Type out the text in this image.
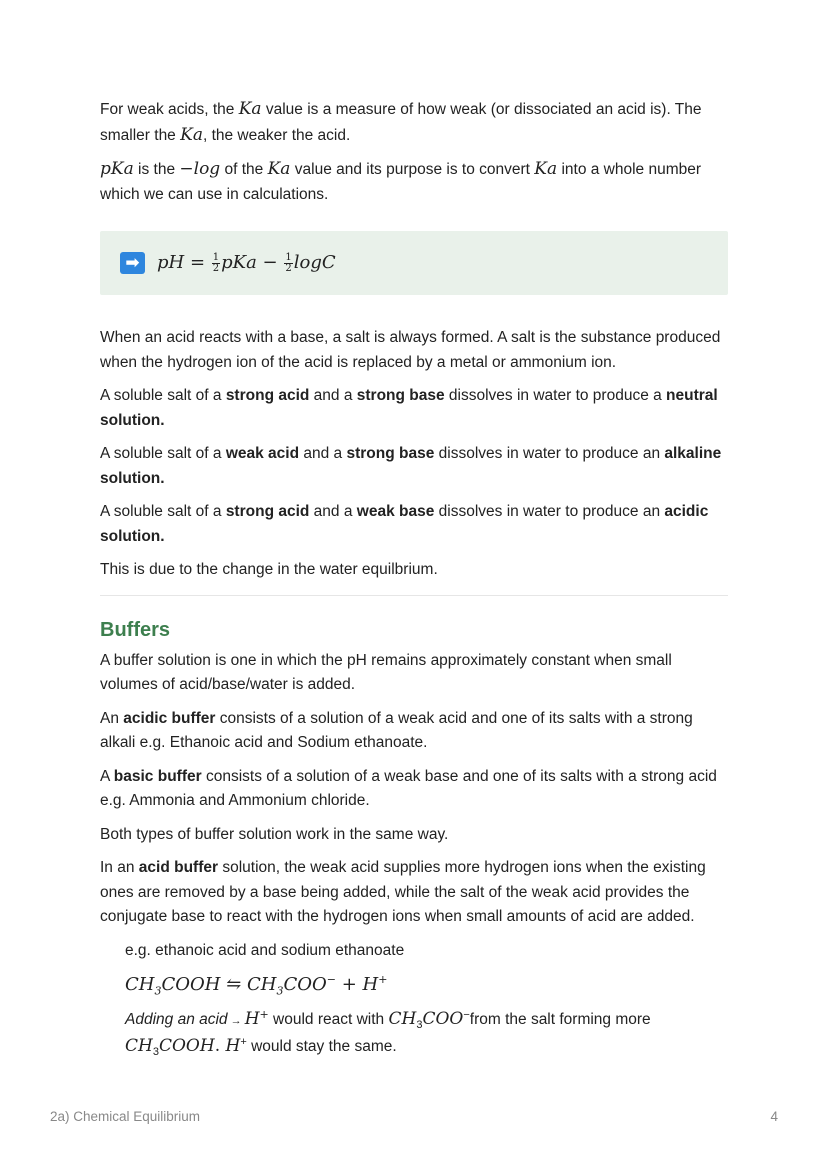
For weak acids, the Ka value is a measure of how weak (or dissociated an acid is). The smaller the Ka, the weaker the acid.

pKa is the −log of the Ka value and its purpose is to convert Ka into a whole number which we can use in calculations.

➡ pH = $\frac{1}{2}$ pKa − $\frac{1}{2}$ logC

When an acid reacts with a base, a salt is always formed. A salt is the substance produced when the hydrogen ion of the acid is replaced by a metal or ammonium ion.

A soluble salt of a strong acid and a strong base dissolves in water to produce a neutral solution.

A soluble salt of a weak acid and a strong base dissolves in water to produce an alkaline solution.

A soluble salt of a strong acid and a weak base dissolves in water to produce an acidic solution.

This is due to the change in the water equilbrium.

Buffers

A buffer solution is one in which the pH remains approximately constant when small volumes of acid/base/water is added.

An acidic buffer consists of a solution of a weak acid and one of its salts with a strong alkali e.g. Ethanoic acid and Sodium ethanoate.

A basic buffer consists of a solution of a weak base and one of its salts with a strong acid e.g. Ammonia and Ammonium chloride.

Both types of buffer solution work in the same way.

In an acid buffer solution, the weak acid supplies more hydrogen ions when the existing ones are removed by a base being added, while the salt of the weak acid provides the conjugate base to react with the hydrogen ions when small amounts of acid are added.

e.g. ethanoic acid and sodium ethanoate

$CH_3COOH$ ⇋ $CH_3COO^- + H^+$

Adding an acid → H+ would react with $CH_3COO^-from$ the salt forming more $CH_3COOH$. H+ would stay the same.

2a) Chemical Equilibrium	4
